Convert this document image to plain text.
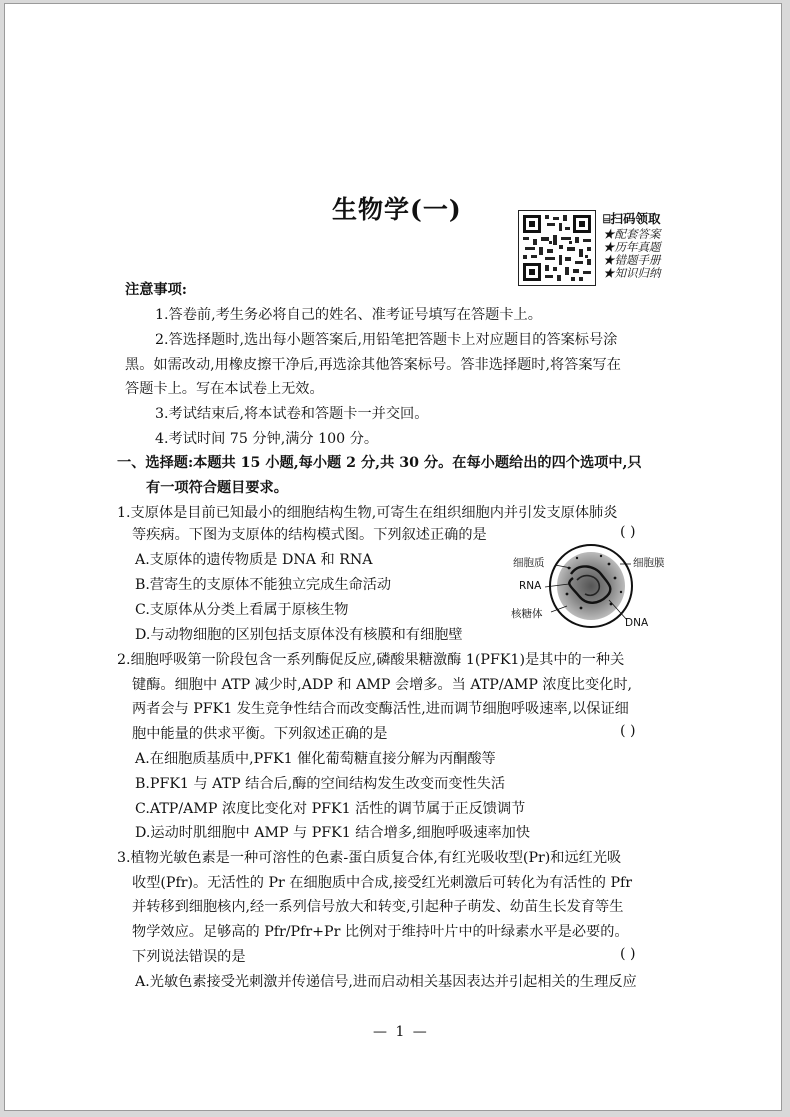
生物学(一)	⌸扫码领取
★配套答案
★历年真题
★错题手册
★知识归纳
注意事项:
1.答卷前,考生务必将自己的姓名、准考证号填写在答题卡上。
2.答选择题时,选出每小题答案后,用铅笔把答题卡上对应题目的答案标号涂
黑。如需改动,用橡皮擦干净后,再选涂其他答案标号。答非选择题时,将答案写在
答题卡上。写在本试卷上无效。
3.考试结束后,将本试卷和答题卡一并交回。
4.考试时间 75 分钟,满分 100 分。
一、选择题:本题共 15 小题,每小题 2 分,共 30 分。在每小题给出的四个选项中,只
有一项符合题目要求。
1.支原体是目前已知最小的细胞结构生物,可寄生在组织细胞内并引发支原体肺炎
等疾病。下图为支原体的结构模式图。下列叙述正确的是	( )
A.支原体的遗传物质是 DNA 和 RNA
B.营寄生的支原体不能独立完成生命活动
C.支原体从分类上看属于原核生物
D.与动物细胞的区别包括支原体没有核膜和有细胞壁
细胞质	细胞膜
RNA
核糖体
DNA
2.细胞呼吸第一阶段包含一系列酶促反应,磷酸果糖激酶 1(PFK1)是其中的一种关
键酶。细胞中 ATP 减少时,ADP 和 AMP 会增多。当 ATP/AMP 浓度比变化时,
两者会与 PFK1 发生竞争性结合而改变酶活性,进而调节细胞呼吸速率,以保证细
胞中能量的供求平衡。下列叙述正确的是	( )
A.在细胞质基质中,PFK1 催化葡萄糖直接分解为丙酮酸等
B.PFK1 与 ATP 结合后,酶的空间结构发生改变而变性失活
C.ATP/AMP 浓度比变化对 PFK1 活性的调节属于正反馈调节
D.运动时肌细胞中 AMP 与 PFK1 结合增多,细胞呼吸速率加快
3.植物光敏色素是一种可溶性的色素-蛋白质复合体,有红光吸收型(Pr)和远红光吸
收型(Pfr)。无活性的 Pr 在细胞质中合成,接受红光刺激后可转化为有活性的 Pfr
并转移到细胞核内,经一系列信号放大和转变,引起种子萌发、幼苗生长发育等生
物学效应。足够高的 Pfr/Pfr+Pr 比例对于维持叶片中的叶绿素水平是必要的。
下列说法错误的是	( )
A.光敏色素接受光刺激并传递信号,进而启动相关基因表达并引起相关的生理反应
— 1 —
